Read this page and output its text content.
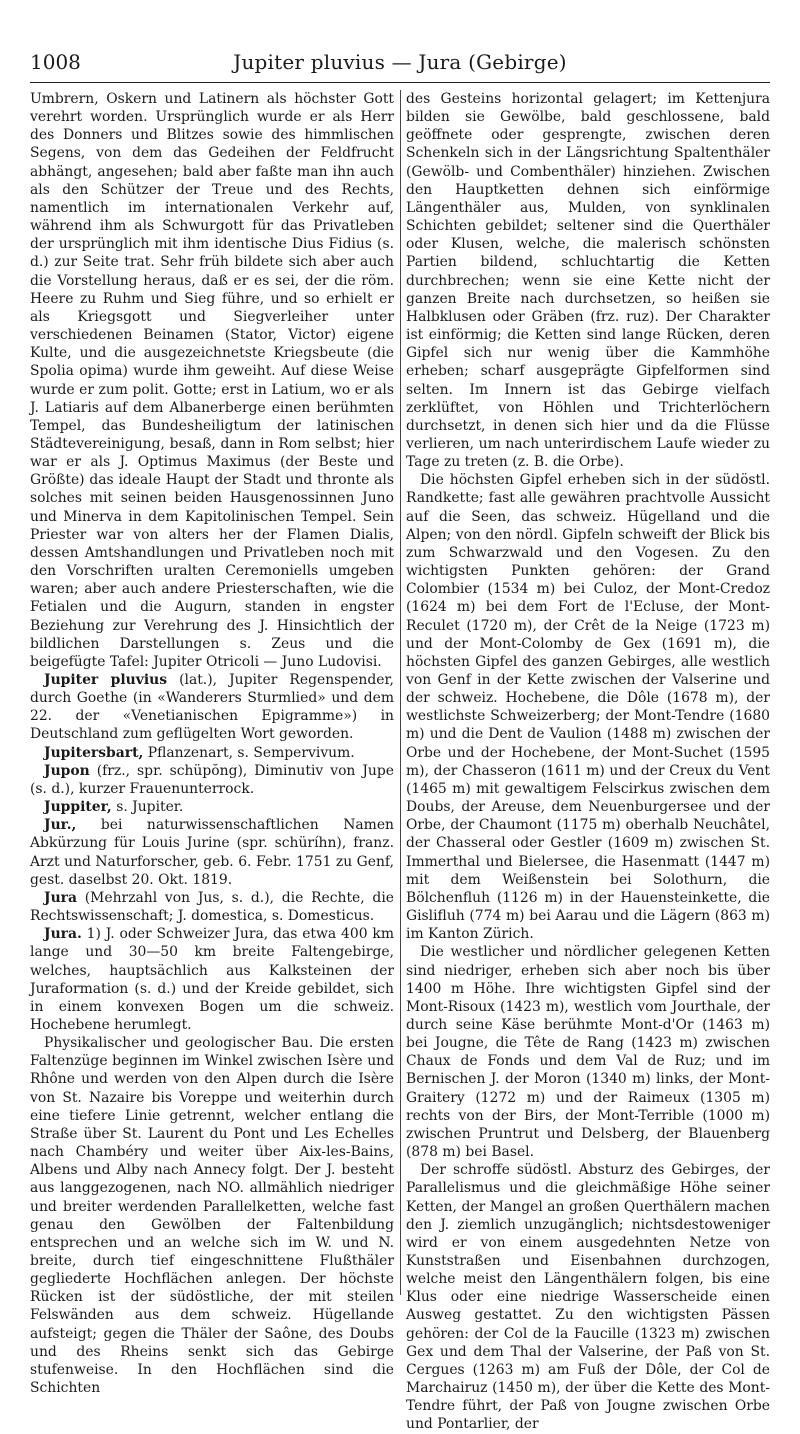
1008	Jupiter pluvius — Jura (Gebirge)

Umbrern, Oskern und Latinern als höchster Gott verehrt worden. Ursprünglich wurde er als Herr des Donners und Blitzes sowie des himmlischen Segens, von dem das Gedeihen der Feldfrucht abhängt, angesehen; bald aber faßte man ihn auch als den Schützer der Treue und des Rechts, namentlich im internationalen Verkehr auf, während ihm als Schwurgott für das Privatleben der ursprünglich mit ihm identische Dius Fidius (s. d.) zur Seite trat. Sehr früh bildete sich aber auch die Vorstellung heraus, daß er es sei, der die röm. Heere zu Ruhm und Sieg führe, und so erhielt er als Kriegsgott und Siegverleiher unter verschiedenen Beinamen (Stator, Victor) eigene Kulte, und die ausgezeichnetste Kriegsbeute (die Spolia opima) wurde ihm geweiht. Auf diese Weise wurde er zum polit. Gotte; erst in Latium, wo er als J. Latiaris auf dem Albanerberge einen berühmten Tempel, das Bundesheiligtum der latinischen Städtevereinigung, besaß, dann in Rom selbst; hier war er als J. Optimus Maximus (der Beste und Größte) das ideale Haupt der Stadt und thronte als solches mit seinen beiden Hausgenossinnen Juno und Minerva in dem Kapitolinischen Tempel. Sein Priester war von alters her der Flamen Dialis, dessen Amtshandlungen und Privatleben noch mit den Vorschriften uralten Ceremoniells umgeben waren; aber auch andere Priesterschaften, wie die Fetialen und die Augurn, standen in engster Beziehung zur Verehrung des J. Hinsichtlich der bildlichen Darstellungen s. Zeus und die beigefügte Tafel: Jupiter Otricoli — Juno Ludovisi.

Jupiter pluvius (lat.), Jupiter Regenspender, durch Goethe (in «Wanderers Sturmlied» und dem 22. der «Venetianischen Epigramme») in Deutschland zum geflügelten Wort geworden.

Jupitersbart, Pflanzenart, s. Sempervivum.

Jupon (frz., spr. schüpŏng), Diminutiv von Jupe (s. d.), kurzer Frauenunterrock.

Juppiter, s. Jupiter.

Jur., bei naturwissenschaftlichen Namen Abkürzung für Louis Jurine (spr. schüríhn), franz. Arzt und Naturforscher, geb. 6. Febr. 1751 zu Genf, gest. daselbst 20. Okt. 1819.

Jura (Mehrzahl von Jus, s. d.), die Rechte, die Rechtswissenschaft; J. domestica, s. Domesticus.

Jura. 1) J. oder Schweizer Jura, das etwa 400 km lange und 30—50 km breite Faltengebirge, welches, hauptsächlich aus Kalksteinen der Juraformation (s. d.) und der Kreide gebildet, sich in einem konvexen Bogen um die schweiz. Hochebene herumlegt.

Physikalischer und geologischer Bau. Die ersten Faltenzüge beginnen im Winkel zwischen Isère und Rhône und werden von den Alpen durch die Isère von St. Nazaire bis Voreppe und weiterhin durch eine tiefere Linie getrennt, welcher entlang die Straße über St. Laurent du Pont und Les Echelles nach Chambéry und weiter über Aix-les-Bains, Albens und Alby nach Annecy folgt. Der J. besteht aus langgezogenen, nach NO. allmählich niedriger und breiter werdenden Parallelketten, welche fast genau den Gewölben der Faltenbildung entsprechen und an welche sich im W. und N. breite, durch tief eingeschnittene Flußthäler gegliederte Hochflächen anlegen. Der höchste Rücken ist der südöstliche, der mit steilen Felswänden aus dem schweiz. Hügellande aufsteigt; gegen die Thäler der Saône, des Doubs und des Rheins senkt sich das Gebirge stufenweise. In den Hochflächen sind die Schichten

des Gesteins horizontal gelagert; im Kettenjura bilden sie Gewölbe, bald geschlossene, bald geöffnete oder gesprengte, zwischen deren Schenkeln sich in der Längsrichtung Spaltenthäler (Gewölb- und Combenthäler) hinziehen. Zwischen den Hauptketten dehnen sich einförmige Längenthäler aus, Mulden, von synklinalen Schichten gebildet; seltener sind die Querthäler oder Klusen, welche, die malerisch schönsten Partien bildend, schluchtartig die Ketten durchbrechen; wenn sie eine Kette nicht der ganzen Breite nach durchsetzen, so heißen sie Halbklusen oder Gräben (frz. ruz). Der Charakter ist einförmig; die Ketten sind lange Rücken, deren Gipfel sich nur wenig über die Kammhöhe erheben; scharf ausgeprägte Gipfelformen sind selten. Im Innern ist das Gebirge vielfach zerklüftet, von Höhlen und Trichterlöchern durchsetzt, in denen sich hier und da die Flüsse verlieren, um nach unterirdischem Laufe wieder zu Tage zu treten (z. B. die Orbe).

Die höchsten Gipfel erheben sich in der südöstl. Randkette; fast alle gewähren prachtvolle Aussicht auf die Seen, das schweiz. Hügelland und die Alpen; von den nördl. Gipfeln schweift der Blick bis zum Schwarzwald und den Vogesen. Zu den wichtigsten Punkten gehören: der Grand Colombier (1534 m) bei Culoz, der Mont-Credoz (1624 m) bei dem Fort de l'Ecluse, der Mont-Reculet (1720 m), der Crêt de la Neige (1723 m) und der Mont-Colomby de Gex (1691 m), die höchsten Gipfel des ganzen Gebirges, alle westlich von Genf in der Kette zwischen der Valserine und der schweiz. Hochebene, die Dôle (1678 m), der westlichste Schweizerberg; der Mont-Tendre (1680 m) und die Dent de Vaulion (1488 m) zwischen der Orbe und der Hochebene, der Mont-Suchet (1595 m), der Chasseron (1611 m) und der Creux du Vent (1465 m) mit gewaltigem Felscirkus zwischen dem Doubs, der Areuse, dem Neuenburgersee und der Orbe, der Chaumont (1175 m) oberhalb Neuchâtel, der Chasseral oder Gestler (1609 m) zwischen St. Immerthal und Bielersee, die Hasenmatt (1447 m) mit dem Weißenstein bei Solothurn, die Bölchenfluh (1126 m) in der Hauensteinkette, die Gislifluh (774 m) bei Aarau und die Lägern (863 m) im Kanton Zürich.

Die westlicher und nördlicher gelegenen Ketten sind niedriger, erheben sich aber noch bis über 1400 m Höhe. Ihre wichtigsten Gipfel sind der Mont-Risoux (1423 m), westlich vom Jourthale, der durch seine Käse berühmte Mont-d'Or (1463 m) bei Jougne, die Tête de Rang (1423 m) zwischen Chaux de Fonds und dem Val de Ruz; und im Bernischen J. der Moron (1340 m) links, der Mont-Graitery (1272 m) und der Raimeux (1305 m) rechts von der Birs, der Mont-Terrible (1000 m) zwischen Pruntrut und Delsberg, der Blauenberg (878 m) bei Basel.

Der schroffe südöstl. Absturz des Gebirges, der Parallelismus und die gleichmäßige Höhe seiner Ketten, der Mangel an großen Querthälern machen den J. ziemlich unzugänglich; nichtsdestoweniger wird er von einem ausgedehnten Netze von Kunststraßen und Eisenbahnen durchzogen, welche meist den Längenthälern folgen, bis eine Klus oder eine niedrige Wasserscheide einen Ausweg gestattet. Zu den wichtigsten Pässen gehören: der Col de la Faucille (1323 m) zwischen Gex und dem Thal der Valserine, der Paß von St. Cergues (1263 m) am Fuß der Dôle, der Col de Marchairuz (1450 m), der über die Kette des Mont-Tendre führt, der Paß von Jougne zwischen Orbe und Pontarlier, der
